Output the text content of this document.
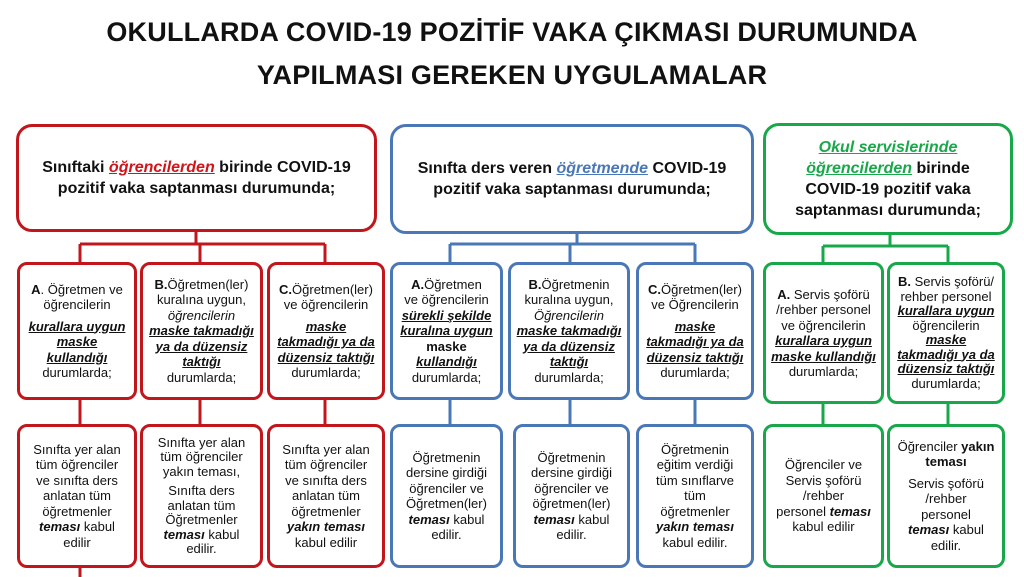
OKULLARDA COVID-19 POZİTİF VAKA ÇIKMASI DURUMUNDA
YAPILMASI GEREKEN UYGULAMALAR
Sınıftaki öğrencilerden birinde COVID-19 pozitif vaka saptanması durumunda;
Sınıfta ders veren öğretmende COVID-19 pozitif vaka saptanması durumunda;
Okul servislerinde
öğrencilerden birinde
COVID-19 pozitif vaka
saptanması durumunda;
A. Öğretmen ve
öğrencilerin
kurallara uygun
maske
kullandığı
durumlarda;
B.Öğretmen(ler)
kuralına uygun,
öğrencilerin
maske takmadığı
ya da düzensiz
taktığı
durumlarda;
C.Öğretmen(ler)
ve öğrencilerin
maske
takmadığı ya da
düzensiz taktığı
durumlarda;
A.Öğretmen
ve öğrencilerin
sürekli şekilde
kuralına uygun
maske
kullandığı
durumlarda;
B.Öğretmenin
kuralına uygun,
Öğrencilerin
maske takmadığı
ya da düzensiz
taktığı
durumlarda;
C.Öğretmen(ler)
ve Öğrencilerin
maske
takmadığı ya da
düzensiz taktığı
durumlarda;
A. Servis şoförü
/rehber personel
ve öğrencilerin
kurallara uygun
maske kullandığı
durumlarda;
B. Servis şoförü/
rehber personel
kurallara uygun
öğrencilerin
maske
takmadığı ya da
düzensiz taktığı
durumlarda;
Sınıfta yer alan
tüm öğrenciler
ve sınıfta ders
anlatan tüm
öğretmenler
teması kabul
edilir
Sınıfta yer alan
tüm öğrenciler
yakın teması,
Sınıfta ders
anlatan tüm
Öğretmenler
teması kabul
edilir.
Sınıfta yer alan
tüm öğrenciler
ve sınıfta ders
anlatan tüm
öğretmenler
yakın teması
kabul edilir
Öğretmenin
dersine girdiği
öğrenciler ve
Öğretmen(ler)
teması kabul
edilir.
Öğretmenin
dersine girdiği
öğrenciler ve
öğretmen(ler)
teması kabul
edilir.
Öğretmenin
eğitim verdiği
tüm sınıflarve
tüm
öğretmenler
yakın teması
kabul edilir.
Öğrenciler ve
Servis şoförü
/rehber
personel teması
kabul edilir
Öğrenciler yakın
teması
Servis şoförü
/rehber
personel
teması kabul
edilir.
